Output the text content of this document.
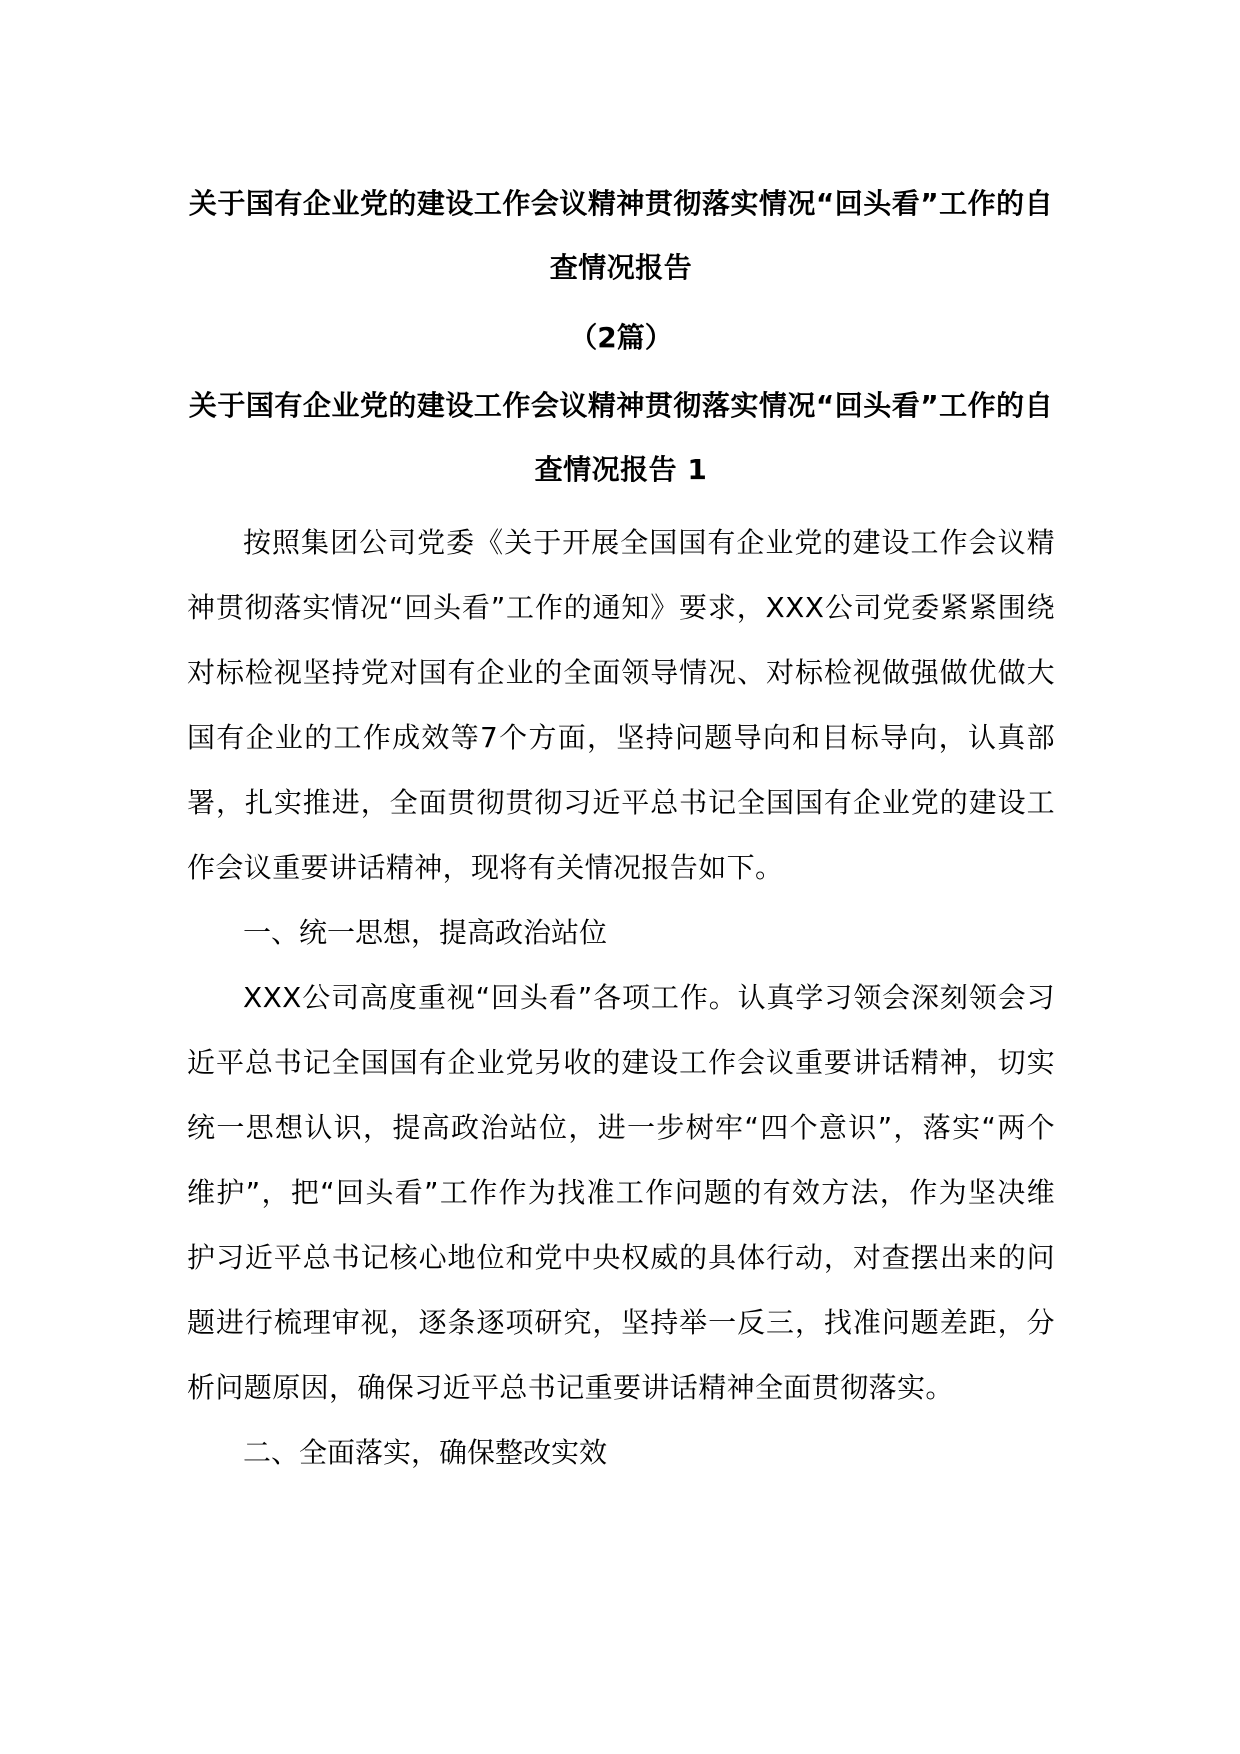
关于国有企业党的建设工作会议精神贯彻落实情况“回头看”工作的自查情况报告

（2篇）

关于国有企业党的建设工作会议精神贯彻落实情况“回头看”工作的自查情况报告 1

按照集团公司党委《关于开展全国国有企业党的建设工作会议精神贯彻落实情况“回头看”工作的通知》要求，XXX公司党委紧紧围绕对标检视坚持党对国有企业的全面领导情况、对标检视做强做优做大国有企业的工作成效等7个方面，坚持问题导向和目标导向，认真部署，扎实推进，全面贯彻贯彻习近平总书记全国国有企业党的建设工作会议重要讲话精神，现将有关情况报告如下。

一、统一思想，提高政治站位

XXX公司高度重视“回头看”各项工作。认真学习领会深刻领会习近平总书记全国国有企业党另收的建设工作会议重要讲话精神，切实统一思想认识，提高政治站位，进一步树牢“四个意识”，落实“两个维护”，把“回头看”工作作为找准工作问题的有效方法，作为坚决维护习近平总书记核心地位和党中央权威的具体行动，对查摆出来的问题进行梳理审视，逐条逐项研究，坚持举一反三，找准问题差距，分析问题原因，确保习近平总书记重要讲话精神全面贯彻落实。

二、全面落实，确保整改实效
